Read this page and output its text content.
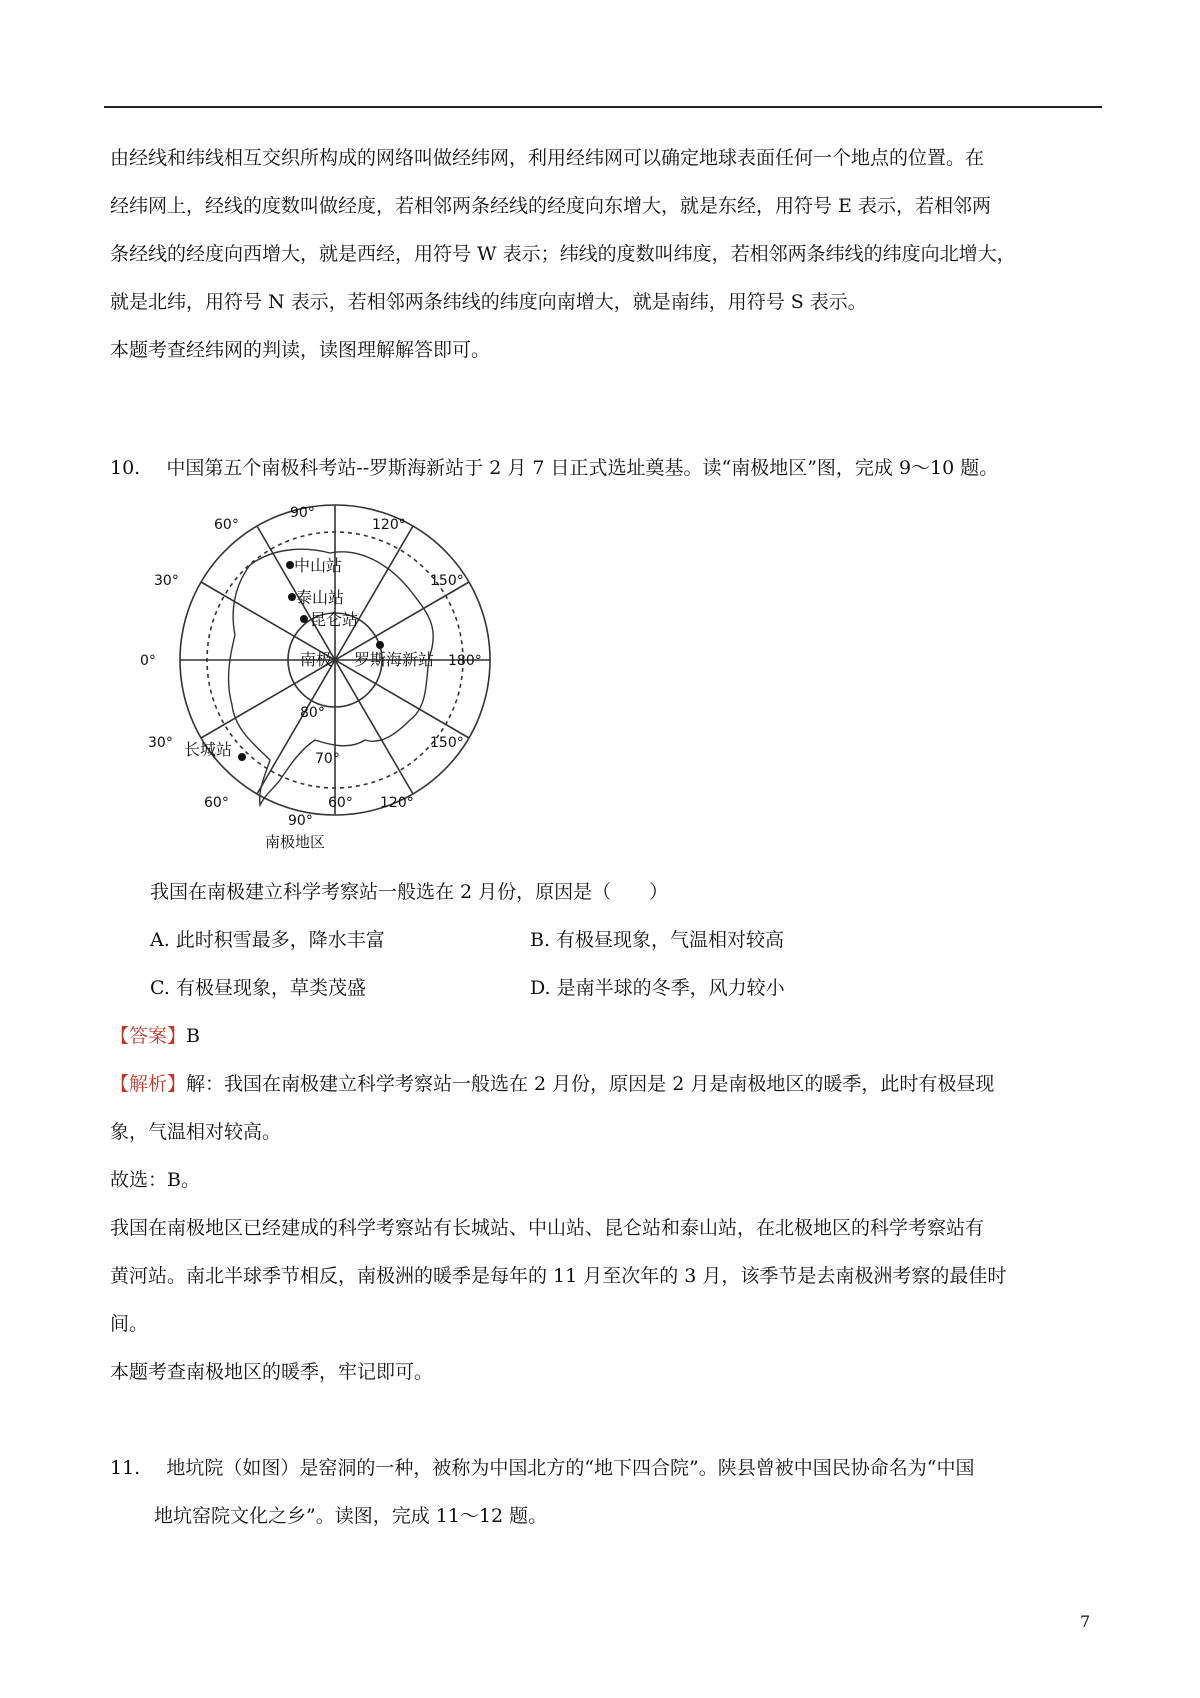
由经线和纬线相互交织所构成的网络叫做经纬网，利用经纬网可以确定地球表面任何一个地点的位置。在

经纬网上，经线的度数叫做经度，若相邻两条经线的经度向东增大，就是东经，用符号 E 表示，若相邻两

条经线的经度向西增大，就是西经，用符号 W 表示；纬线的度数叫纬度，若相邻两条纬线的纬度向北增大，

就是北纬，用符号 N 表示，若相邻两条纬线的纬度向南增大，就是南纬，用符号 S 表示。

本题考查经纬网的判读，读图理解解答即可。

10. 中国第五个南极科考站--罗斯海新站于 2 月 7 日正式选址奠基。读“南极地区”图，完成 9～10 题。

中山站
泰山站
昆仑站
南极 罗斯海新站
长城站
90°
120°
150°
180°
150°
120°
90°
60°
30°
0°
30°
60°
80°
70°
60°
南极地区

我国在南极建立科学考察站一般选在 2 月份，原因是（　　）

A. 此时积雪最多，降水丰富	B. 有极昼现象，气温相对较高
C. 有极昼现象，草类茂盛	D. 是南半球的冬季，风力较小

【答案】B

【解析】解：我国在南极建立科学考察站一般选在 2 月份，原因是 2 月是南极地区的暖季，此时有极昼现

象，气温相对较高。

故选：B。

我国在南极地区已经建成的科学考察站有长城站、中山站、昆仑站和泰山站，在北极地区的科学考察站有

黄河站。南北半球季节相反，南极洲的暖季是每年的 11 月至次年的 3 月，该季节是去南极洲考察的最佳时

间。

本题考查南极地区的暖季，牢记即可。

11. 地坑院（如图）是窑洞的一种，被称为中国北方的“地下四合院”。陕县曾被中国民协命名为“中国

地坑窑院文化之乡”。读图，完成 11～12 题。

7
